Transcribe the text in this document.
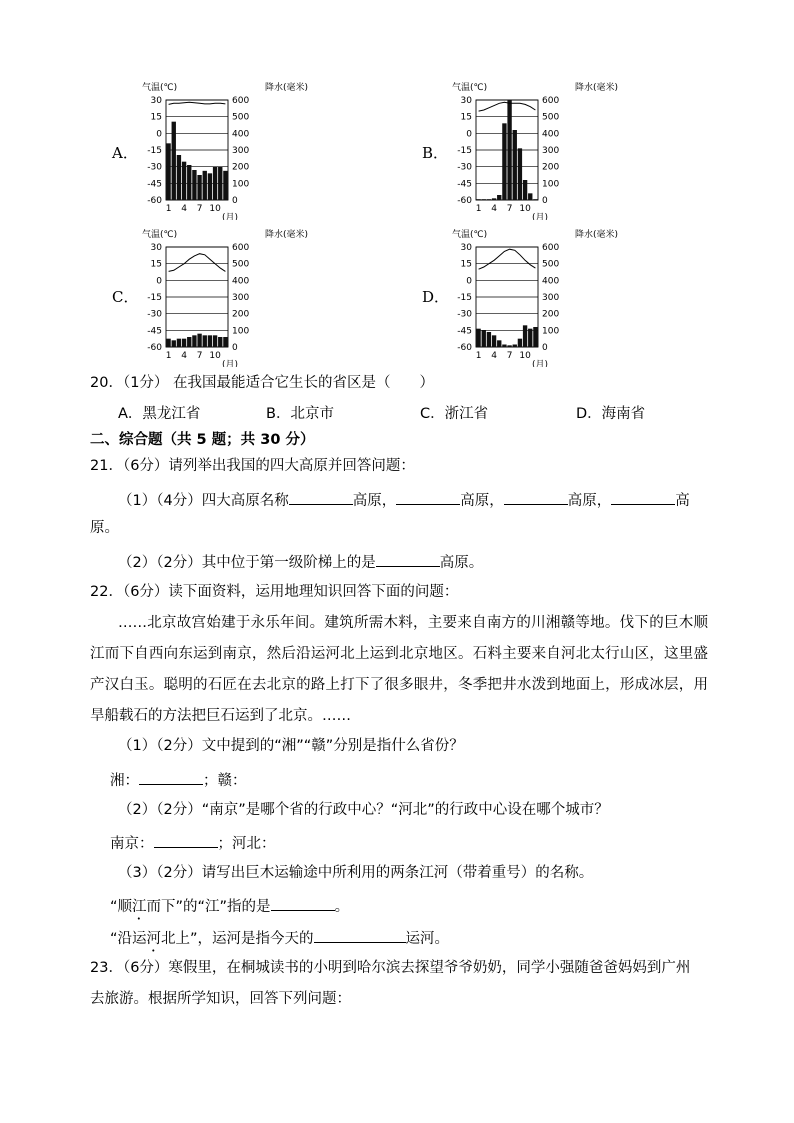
A．
气温(℃)	降水(毫米)
30
15
0
-15
-30
-45
-60
600
500
400
300
200
100
0
1 4 7 10
(月)
B．
气温(℃)	降水(毫米)
30
15
0
-15
-30
-45
-60
600
500
400
300
200
100
0
1 4 7 10
(月)
C．
气温(℃)	降水(毫米)
30
15
0
-15
-30
-45
-60
600
500
400
300
200
100
0
1 4 7 10
(月)
D．
气温(℃)	降水(毫米)
30
15
0
-15
-30
-45
-60
600
500
400
300
200
100
0
1 4 7 10
(月)
20．（1分） 在我国最能适合它生长的省区是（　　）
A．黑龙江省	B．北京市	C．浙江省	D．海南省
二、综合题（共 5 题；共 30 分）
21．（6分）请列举出我国的四大高原并回答问题：
（1）（4分）四大高原名称	高原，	高原，	高原，	高
原。
（2）（2分）其中位于第一级阶梯上的是	高原。
22．（6分）读下面资料，运用地理知识回答下面的问题：
……北京故宫始建于永乐年间。建筑所需木料，主要来自南方的川湘赣等地。伐下的巨木顺江而下自西向东运到南京，然后沿运河北上运到北京地区。石料主要来自河北太行山区，这里盛产汉白玉。聪明的石匠在去北京的路上打下了很多眼井，冬季把井水泼到地面上，形成冰层，用旱船载石的方法把巨石运到了北京。……
（1）（2分）文中提到的“湘”“赣”分别是指什么省份？
湘：	；赣：
（2）（2分）“南京”是哪个省的行政中心？“河北”的行政中心设在哪个城市？
南京：	；河北：
（3）（2分）请写出巨木运输途中所利用的两条江河（带着重号）的名称。
“顺江而下”的“江”指的是	。
“沿运河北上”，运河是指今天的	运河。
23．（6分）寒假里，在桐城读书的小明到哈尔滨去探望爷爷奶奶，同学小强随爸爸妈妈到广州
去旅游。根据所学知识，回答下列问题：
